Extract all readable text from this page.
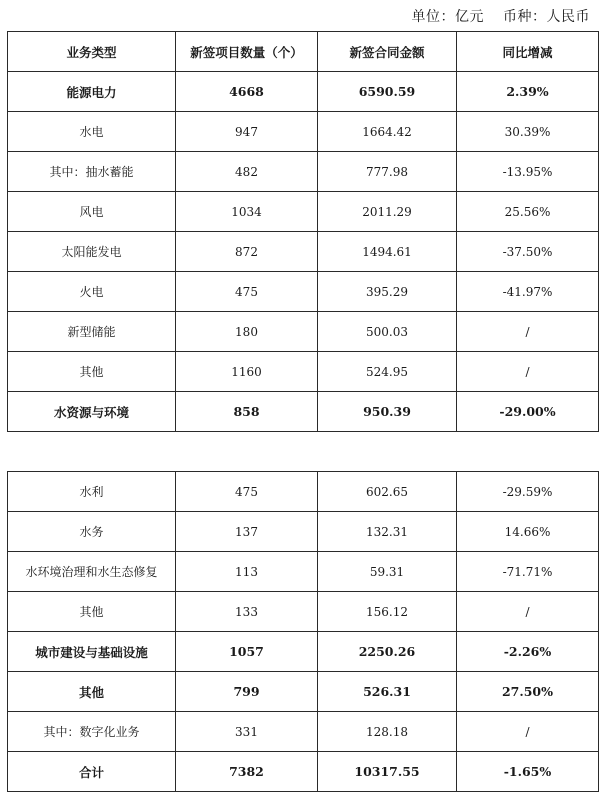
单位：亿元 币种：人民币
业务类型	新签项目数量（个）	新签合同金额	同比增减
能源电力	4668	6590.59	2.39%
水电	947	1664.42	30.39%
其中：抽水蓄能	482	777.98	-13.95%
风电	1034	2011.29	25.56%
太阳能发电	872	1494.61	-37.50%
火电	475	395.29	-41.97%
新型储能	180	500.03	/
其他	1160	524.95	/
水资源与环境	858	950.39	-29.00%

水利	475	602.65	-29.59%
水务	137	132.31	14.66%
水环境治理和水生态修复	113	59.31	-71.71%
其他	133	156.12	/
城市建设与基础设施	1057	2250.26	-2.26%
其他	799	526.31	27.50%
其中：数字化业务	331	128.18	/
合计	7382	10317.55	-1.65%
